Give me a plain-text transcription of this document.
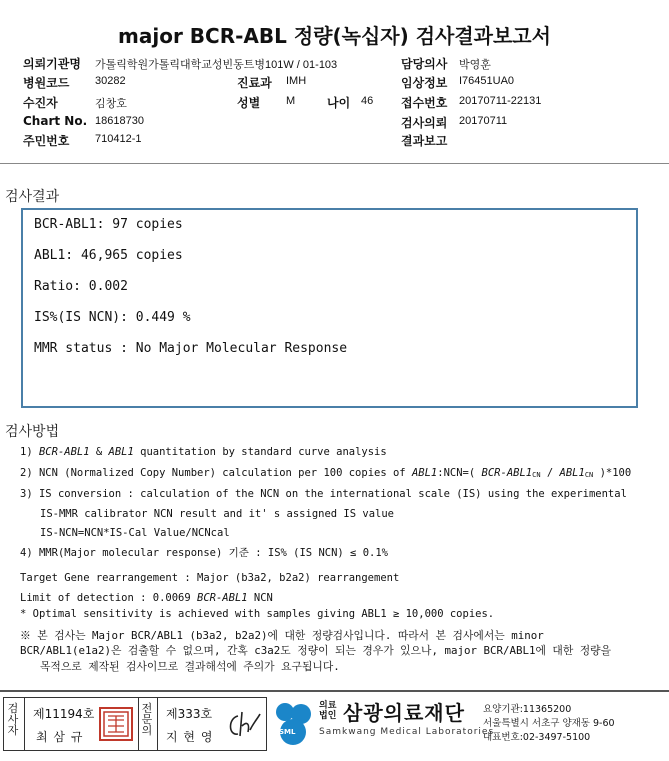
major BCR-ABL 정량(녹십자) 검사결과보고서
의뢰기관명 가톨릭학원가톨릭대학교성빈동트병101W / 01-103	담당의사 박영훈
병원코드 30282	진료과 IMH	임상정보 I76451UA0
수진자	김창호	성별 M	나이 46 접수번호 20170711-22131
Chart No. 18618730	검사의뢰 20170711
주민번호 710412-1	결과보고
검사결과
BCR-ABL1: 97 copies
ABL1: 46,965 copies
Ratio: 0.002
IS%(IS NCN): 0.449 %
MMR status : No Major Molecular Response
검사방법
1) BCR-ABL1 & ABL1 quantitation by standard curve analysis
2) NCN (Normalized Copy Number) calculation per 100 copies of ABL1:NCN=( BCR-ABL1CN / ABL1CN )*100
3) IS conversion : calculation of the NCN on the international scale (IS) using the experimental
IS-MMR calibrator NCN result and it' s assigned IS value
IS-NCN=NCN*IS-Cal Value/NCNcal
4) MMR(Major molecular response) 기준 : IS% (IS NCN) ≤ 0.1%
Target Gene rearrangement : Major (b3a2, b2a2) rearrangement
Limit of detection : 0.0069 BCR-ABL1 NCN
* Optimal sensitivity is achieved with samples giving ABL1 ≥ 10,000 copies.
※ 본 검사는 Major BCR/ABL1 (b3a2, b2a2)에 대한 정량검사입니다. 따라서 본 검사에서는 minor
BCR/ABL1(e1a2)은 검출할 수 없으며, 간혹 c3a2도 정량이 되는 경우가 있으나, major BCR/ABL1에 대한 정량을
목적으로 제작된 검사이므로 결과해석에 주의가 요구됩니다.
검사자
제11194호
최 삼 규
전문의
제333호
지 현 영	SML
의료법인 삼광의료재단
Samkwang Medical Laboratories
요양기관:11365200
서울특별시 서초구 양재동 9-60
대표번호:02-3497-5100
